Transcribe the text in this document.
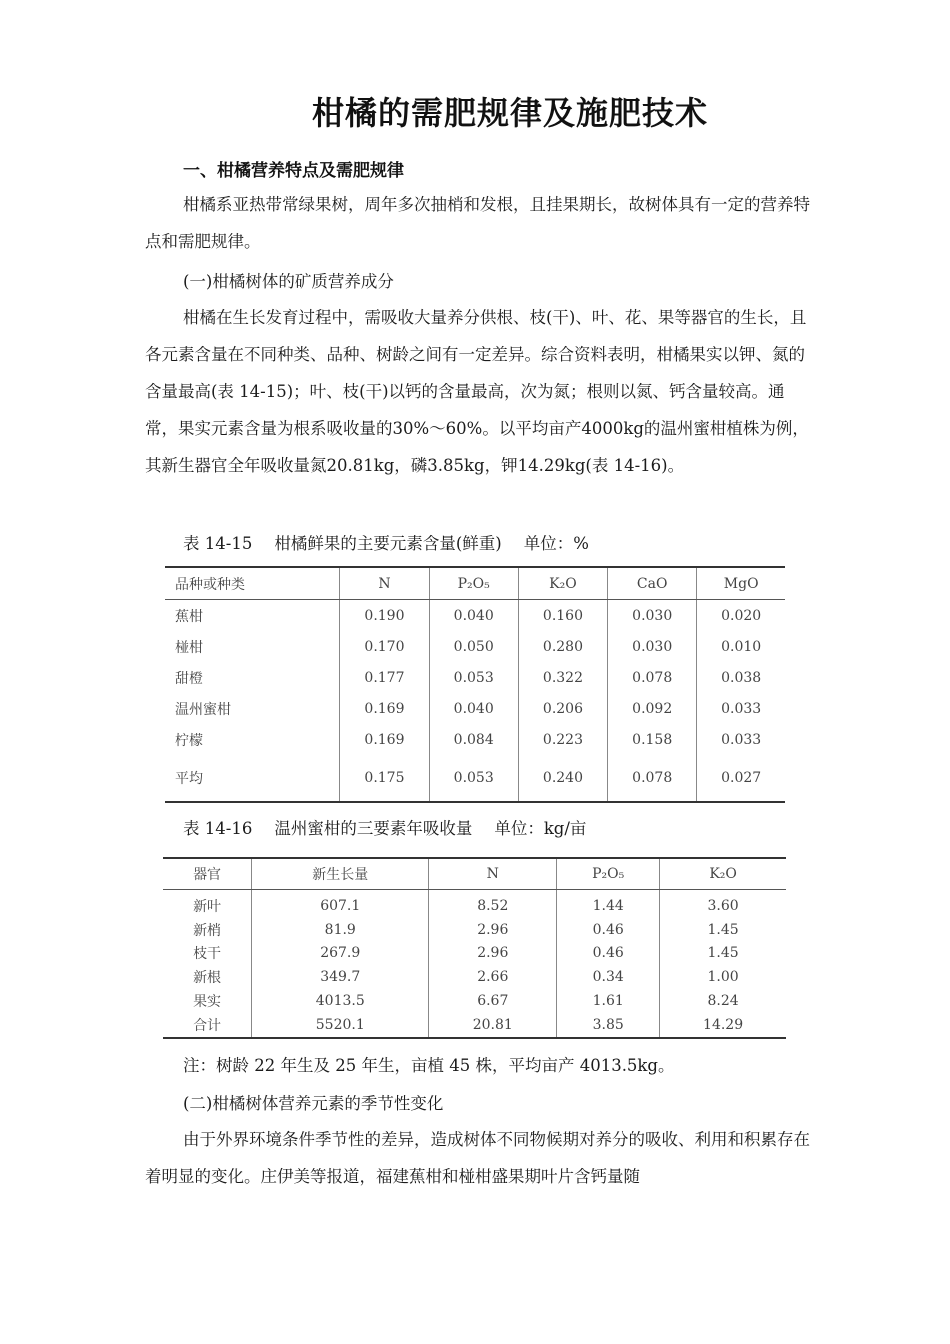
柑橘的需肥规律及施肥技术
一、柑橘营养特点及需肥规律
柑橘系亚热带常绿果树，周年多次抽梢和发根，且挂果期长，故树体具有一定的营养特点和需肥规律。
(一)柑橘树体的矿质营养成分
柑橘在生长发育过程中，需吸收大量养分供根、枝(干)、叶、花、果等器官的生长，且各元素含量在不同种类、品种、树龄之间有一定差异。综合资料表明，柑橘果实以钾、氮的含量最高(表 14-15)；叶、枝(干)以钙的含量最高，次为氮；根则以氮、钙含量较高。通常，果实元素含量为根系吸收量的30%～60%。以平均亩产4000kg的温州蜜柑植株为例，其新生器官全年吸收量氮20.81kg，磷3.85kg，钾14.29kg(表 14-16)。
表 14-15 柑橘鲜果的主要元素含量(鲜重) 单位：%
品种或种类	N	P₂O₅	K₂O	CaO	MgO
蕉柑	0.190	0.040	0.160	0.030	0.020
椪柑	0.170	0.050	0.280	0.030	0.010
甜橙	0.177	0.053	0.322	0.078	0.038
温州蜜柑	0.169	0.040	0.206	0.092	0.033
柠檬	0.169	0.084	0.223	0.158	0.033
平均	0.175	0.053	0.240	0.078	0.027
表 14-16 温州蜜柑的三要素年吸收量 单位：kg/亩
器官	新生长量	N	P₂O₅	K₂O
新叶	607.1	8.52	1.44	3.60
新梢	81.9	2.96	0.46	1.45
枝干	267.9	2.96	0.46	1.45
新根	349.7	2.66	0.34	1.00
果实	4013.5	6.67	1.61	8.24
合计	5520.1	20.81	3.85	14.29
注：树龄 22 年生及 25 年生，亩植 45 株，平均亩产 4013.5kg。
(二)柑橘树体营养元素的季节性变化
由于外界环境条件季节性的差异，造成树体不同物候期对养分的吸收、利用和积累存在着明显的变化。庄伊美等报道，福建蕉柑和椪柑盛果期叶片含钙量随
